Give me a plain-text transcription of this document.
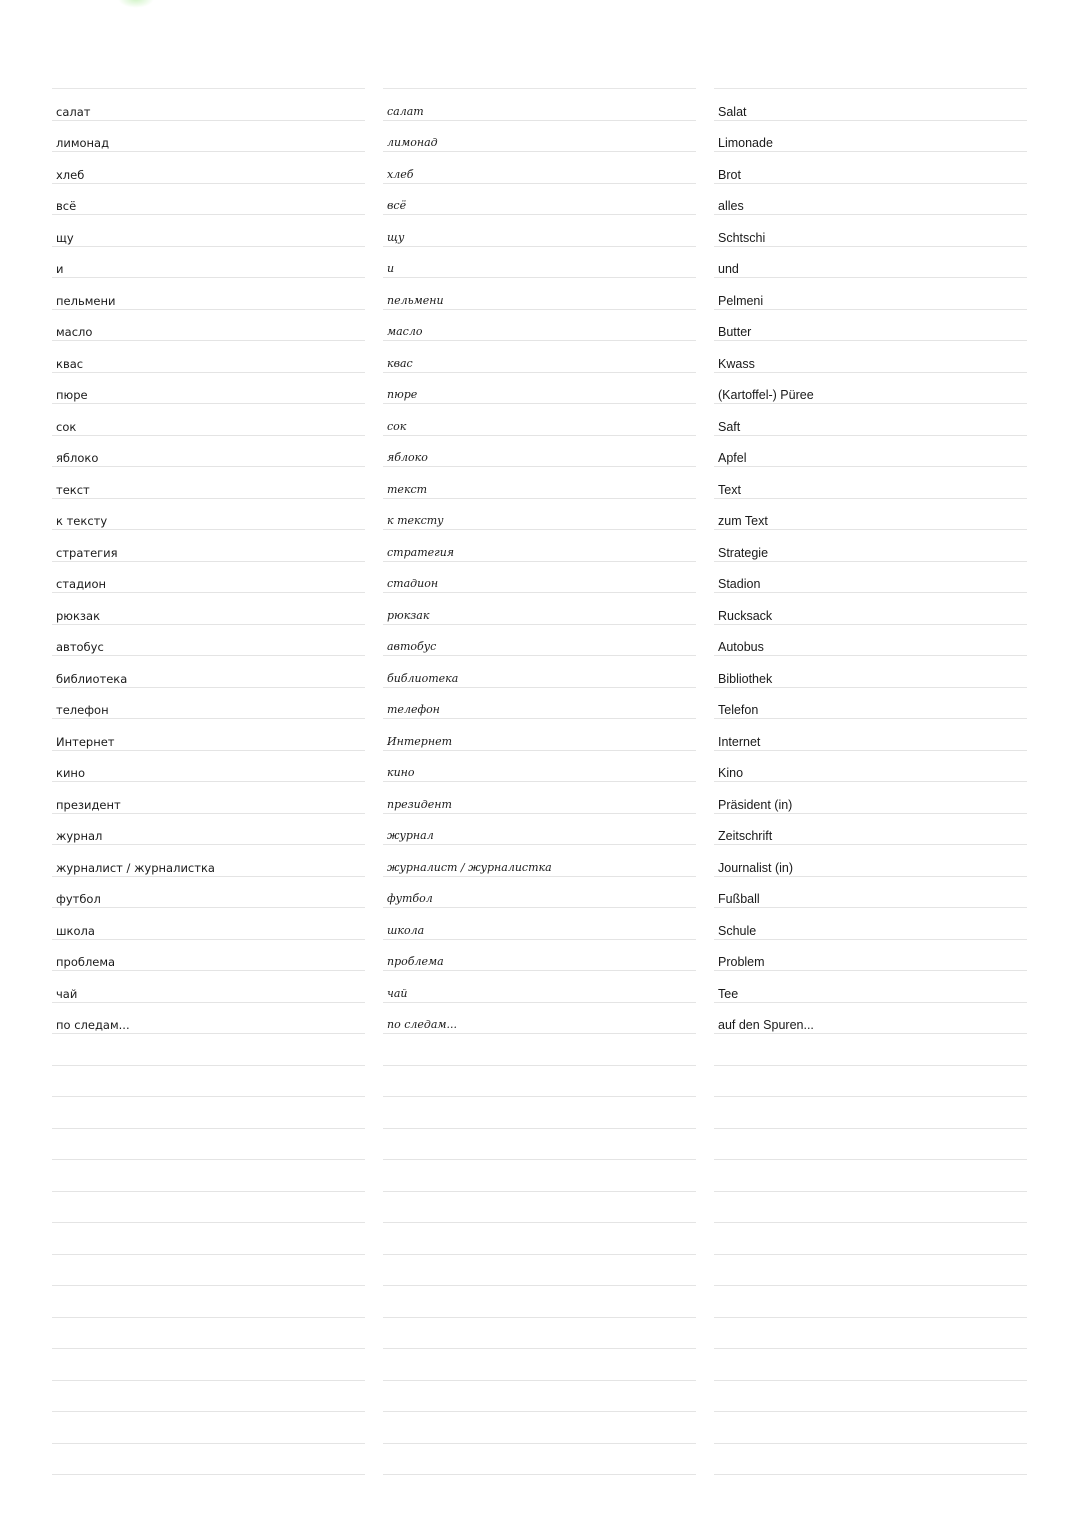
салат
лимонад
хлеб
всё
щу
и
пельмени
масло
квас
пюре
сок
яблоко
текст
к тексту
стратегия
стадион
рюкзак
автобус
библиотека
телефон
Интернет
кино
президент
журнал
журналист / журналистка
футбол
школа
проблема
чай
по следам...
салат
лимонад
хлеб
всё
щу
и
пельмени
масло
квас
пюре
сок
яблоко
текст
к тексту
стратегия
стадион
рюкзак
автобус
библиотека
телефон
Интернет
кино
президент
журнал
журналист / журналистка
футбол
школа
проблема
чай
по следам...
Salat
Limonade
Brot
alles
Schtschi
und
Pelmeni
Butter
Kwass
(Kartoffel-) Püree
Saft
Apfel
Text
zum Text
Strategie
Stadion
Rucksack
Autobus
Bibliothek
Telefon
Internet
Kino
Präsident (in)
Zeitschrift
Journalist (in)
Fußball
Schule
Problem
Tee
auf den Spuren...
